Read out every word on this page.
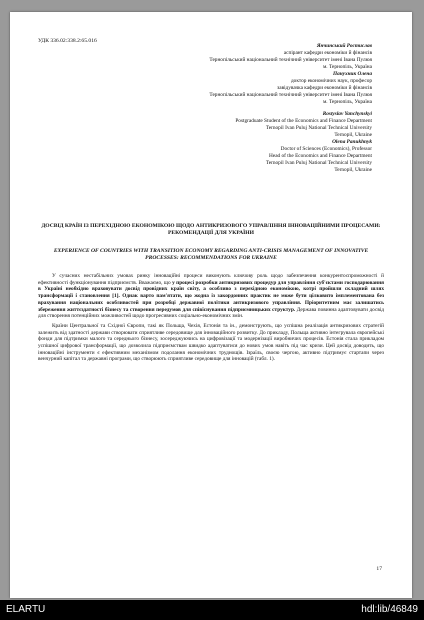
УДК 336.02:338.2:65.016
Янчинський Ростислав
аспірант кафедри економіки й фінансів
Тернопільський національний технічний університет імені Івана Пулюя
м. Тернопіль, Україна
Панухник Олена
доктор економічних наук, професор
завідувачка кафедри економіки й фінансів
Тернопільський національний технічний університет імені Івана Пулюя
м. Тернопіль, Україна
Rostyslav Yanchynskyi
Postgraduate Student of the Economics and Finance Department
Ternopil Ivan Puluj National Technical University
Ternopil, Ukraine
Olena Panukhnyk
Doctor of Sciences (Economics), Professor
Head of the Economics and Finance Department
Ternopil Ivan Puluj National Technical University
Ternopil, Ukraine
ДОСВІД КРАЇН ІЗ ПЕРЕХІДНОЮ ЕКОНОМІКОЮ ЩОДО АНТИКРИЗОВОГО УПРАВЛІННЯ ІННОВАЦІЙНИМИ ПРОЦЕСАМИ: РЕКОМЕНДАЦІЇ ДЛЯ УКРАЇНИ
EXPERIENCE OF COUNTRIES WITH TRANSITION ECONOMY REGARDING ANTI-CRISIS MANAGEMENT OF INNOVATIVE PROCESSES: RECOMMENDATIONS FOR UKRAINE

У сучасних нестабільних умовах ринку інноваційні процеси виконують ключову роль щодо забезпечення конкурентоспроможності й ефективності функціонування підприємств. Вважаємо, що у процесі розробки антикризових процедур для управління суб'єктами господарювання в Україні необхідно враховувати досвід провідних країн світу, а особливо з перехідною економікою, котрі пройшли складний шлях трансформації і становлення [1]. Однак варто пам'ятати, що жодна із закордонних практик не може бути цілковито імплементована без врахування національних особливостей при розробці державної політики антикризового управління. Пріоритетним має залишатись збереження життєздатності бізнесу та створення передумов для співіснування підприємницьких структур. Держава повинна адаптовувати досвід для створення потенційних можливостей щодо прогресивних соціально-економічних змін.

Країни Центральної та Східної Європи, такі як Польща, Чехія, Естонія та ін., демонструють, що успішна реалізація антикризових стратегій залежить від здатності держави створювати сприятливе середовище для інноваційного розвитку. До прикладу, Польща активно інтегрувала європейські фонди для підтримки малого та середнього бізнесу, зосереджуючись на цифровізації та модернізації виробничих процесів. Естонія стала прикладом успішної цифрової трансформації, що дозволила підприємствам швидко адаптуватися до нових умов навіть під час кризи. Цей досвід доводить, що інноваційні інструменти є ефективним механізмом подолання економічних труднощів. Ізраїль, своєю чергою, активно підтримує стартапи через венчурний капітал та державні програми, що створюють сприятливе середовище для інновацій (табл. 1).

17
ELARTU	hdl:lib/46849
